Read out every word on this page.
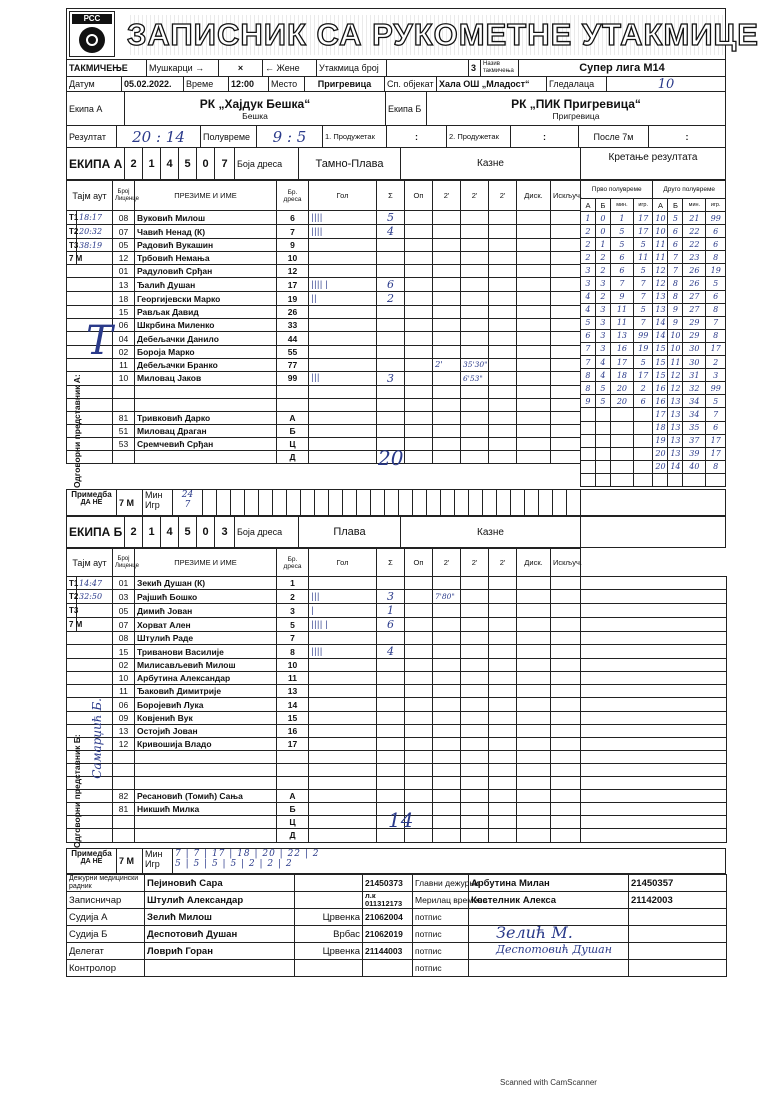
РСС ЗАПИСНИК СА РУКОМЕТНЕ УТАКМИЦЕ
ТАКМИЧЕЊЕ	Мушкарци →	×	← Жене	Утакмица број	3	Назив такмичења	Супер лига М14
Датум	05.02.2022.	Време	12:00	Место	Пригревица	Сп. објекат Хала ОШ „Младост“	Гледалаца	10
Екипа А	РК „Хајдук Бешка“
Бешка
Екипа Б	РК „ПИК Пригревица“
Пригревица
Резултат	20 : 14	Полувреме	9 : 5	1. Продужетак	:	2. Продужетак	:	После 7м	:
ЕКИПА А 2	1	4	5	0	7	Боја дреса	Тамно-Плава	Казне
Кретање резултата
Тајм аут	Број Лиценце	ПРЕЗИМЕ И ИМЕ	Бр. дреса	Гол	Σ	Оп	2'	2'	2'	Диск.	Искључ.
Т1	18:17	08	Вуковић Милош	6	||||	5						
Т2	20:32	07	Чавић Ненад (К)	7	||||	4						
Т3	38:19	05	Радовић Вукашин	9								
7 М		12	Трбовић Немања	10								
		01	Радуловић Срђан	12								
		13	Ђалић Душан	17	|||| |	6						
		18	Георгијевски Марко	19	||	2						
		15	Рављак Давид	26								
		06	Шкрбина Миленко	33								
		04	Дебељачки Данило	44								
		02	Бороја Марко	55								
		11	Дебељачки Бранко	77				2'	35'30"			
		10	Миловац Јаков	99	|||	3			6'53"			

		81	Тривковић Дарко	А								
		51	Миловац Драган	Б								
		53	Сремчевић Срђан	Ц								
				Д								
Одговорни представник А:
T
20
Прво полувреме				Друго полувреме			
А	Б	мин.	игр.	А	Б	мин.	игр.
1	0	1	17	10	5	21	99
2	0	5	17	10	6	22	6
2	1	5	5	11	6	22	6
2	2	6	11	11	7	23	8
3	2	6	5	12	7	26	19
3	3	7	7	12	8	26	5
4	2	9	7	13	8	27	6
4	3	11	5	13	9	27	8
5	3	11	7	14	9	29	7
6	3	13	99	14	10	29	8
7	3	16	19	15	10	30	17
7	4	17	5	15	11	30	2
8	4	18	17	15	12	31	3
8	5	20	2	16	12	32	99
9	5	20	6	16	13	34	5
				17	13	34	7
				18	13	35	6
				19	13	37	17
				20	13	39	17
				20	14	40	8

Примедба
ДА НЕ 7 М
Мин
Игр
24
7
ЕКИПА Б 2	1	4	5	0	3	Боја дреса	Плава	Казне
Тајм аут	Број Лиценце	ПРЕЗИМЕ И ИМЕ	Бр. дреса	Гол	Σ	Оп	2'	2'	2'	Диск.	Искључ.
Т1	14:47	01	Зекић Душан (К)	1									
Т2	32:50	03	Рајшић Бошко	2	|||	3		7'80"					
Т3		05	Димић Јован	3	|	1							
7 М		07	Хорват Ален	5	|||| |	6							
		08	Штулић Раде	7									
		15	Триванови Василије	8	||||	4							
		02	Милисављевић Милош	10									
		10	Арбутина Александар	11									
		11	Ђаковић Димитрије	13									
		06	Боројевић Лука	14									
		09	Ковјенић Вук	15									
		13	Остојић Јован	16									
		12	Кривошија Владо	17									

		82	Ресановић (Томић) Сања	А									
		81	Никшић Милка	Б									
				Ц									
				Д									
Одговорни представник Б: Самарџић Б.
14
Примедба
ДА НЕ 7 М
Мин
Игр
7 | 7 | 17 | 18 | 20 | 22 | 2
5 | 5 | 5 | 5 | 2 | 2 | 2
Дежурни медицински радник	Пејиновић Сара		21450373	Главни дежурни	Арбутина Милан	21450357
Записничар	Штулић Александар		л.к 011312173	Мерилац времена	Костелник Алекса	21142003
Судија А	Зелић Милош	Црвенка	21062004	потпис		
Судија Б	Деспотовић Душан	Врбас	21062019	потпис		
Делегат	Ловрић Горан	Црвенка	21144003	потпис		
Контролор				потпис		
Зелић М.
Деспотовић Душан
Scanned with CamScanner
